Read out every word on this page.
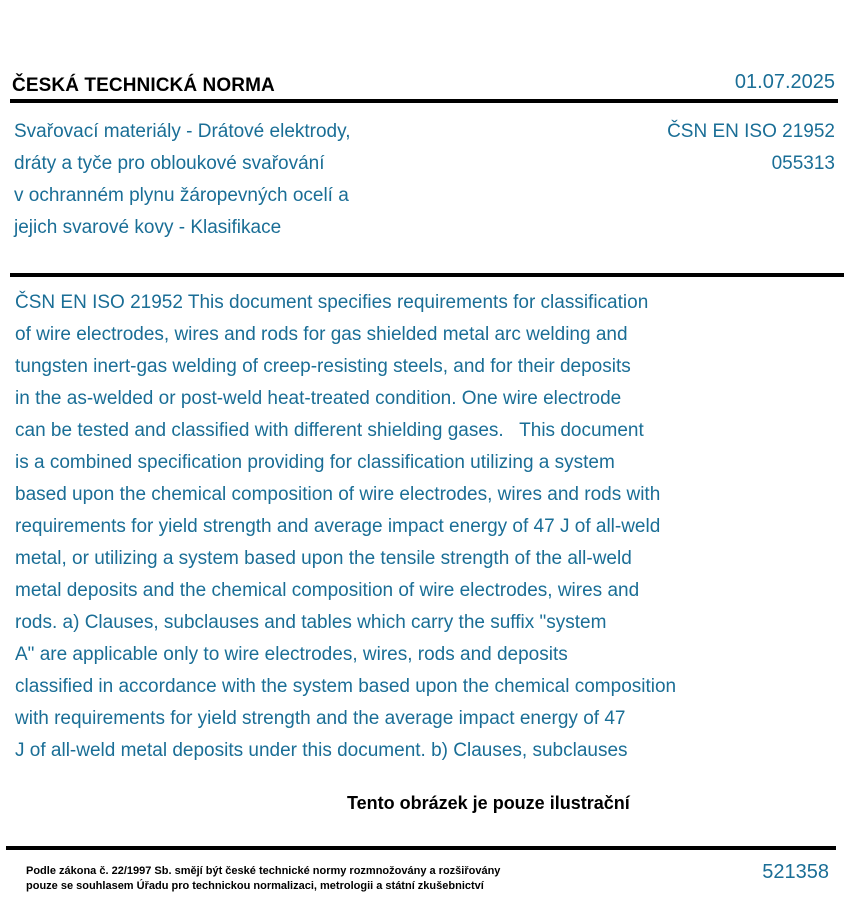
ČESKÁ TECHNICKÁ NORMA	01.07.2025
Svařovací materiály - Drátové elektrody,
dráty a tyče pro obloukové svařování
v ochranném plynu žáropevných ocelí a
jejich svarové kovy - Klasifikace
ČSN EN ISO 21952
055313
ČSN EN ISO 21952 This document specifies requirements for classification
of wire electrodes, wires and rods for gas shielded metal arc welding and
tungsten inert-gas welding of creep-resisting steels, and for their deposits
in the as-welded or post-weld heat-treated condition. One wire electrode
can be tested and classified with different shielding gases.   This document
is a combined specification providing for classification utilizing a system
based upon the chemical composition of wire electrodes, wires and rods with
requirements for yield strength and average impact energy of 47 J of all-weld
metal, or utilizing a system based upon the tensile strength of the all-weld
metal deposits and the chemical composition of wire electrodes, wires and
rods. a) Clauses, subclauses and tables which carry the suffix "system
A" are applicable only to wire electrodes, wires, rods and deposits
classified in accordance with the system based upon the chemical composition
with requirements for yield strength and the average impact energy of 47
J of all-weld metal deposits under this document. b) Clauses, subclauses
Tento obrázek je pouze ilustrační
Podle zákona č. 22/1997 Sb. smějí být české technické normy rozmnožovány a rozšiřovány
pouze se souhlasem Úřadu pro technickou normalizaci, metrologii a státní zkušebnictví
521358
